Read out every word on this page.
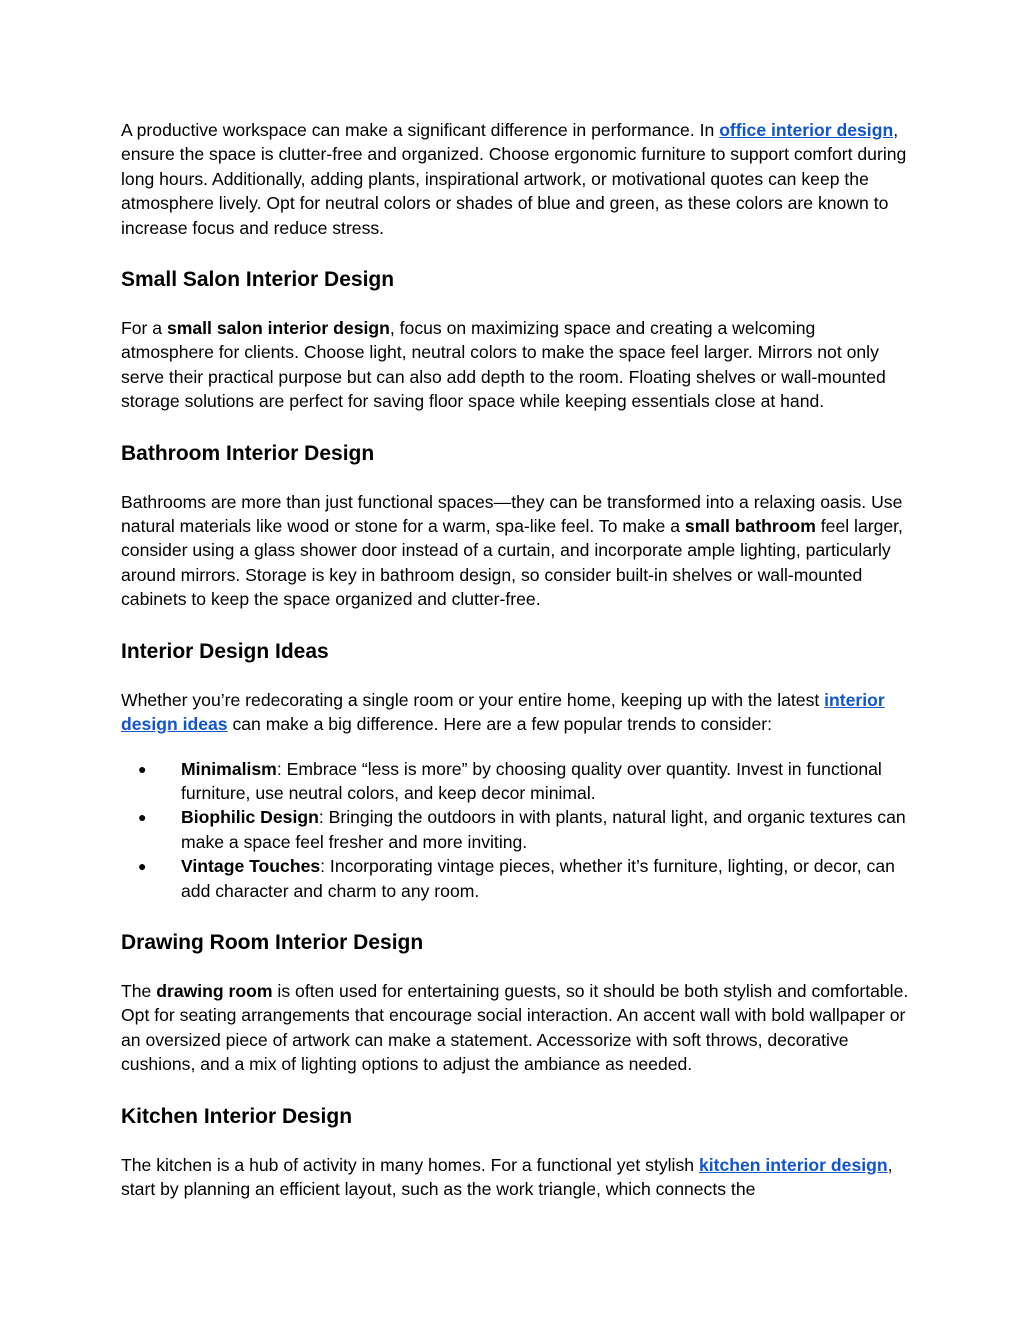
A productive workspace can make a significant difference in performance. In office interior design, ensure the space is clutter-free and organized. Choose ergonomic furniture to support comfort during long hours. Additionally, adding plants, inspirational artwork, or motivational quotes can keep the atmosphere lively. Opt for neutral colors or shades of blue and green, as these colors are known to increase focus and reduce stress.

Small Salon Interior Design

For a small salon interior design, focus on maximizing space and creating a welcoming atmosphere for clients. Choose light, neutral colors to make the space feel larger. Mirrors not only serve their practical purpose but can also add depth to the room. Floating shelves or wall-mounted storage solutions are perfect for saving floor space while keeping essentials close at hand.

Bathroom Interior Design

Bathrooms are more than just functional spaces—they can be transformed into a relaxing oasis. Use natural materials like wood or stone for a warm, spa-like feel. To make a small bathroom feel larger, consider using a glass shower door instead of a curtain, and incorporate ample lighting, particularly around mirrors. Storage is key in bathroom design, so consider built-in shelves or wall-mounted cabinets to keep the space organized and clutter-free.

Interior Design Ideas

Whether you’re redecorating a single room or your entire home, keeping up with the latest interior design ideas can make a big difference. Here are a few popular trends to consider:

● Minimalism: Embrace “less is more” by choosing quality over quantity. Invest in functional furniture, use neutral colors, and keep decor minimal.
● Biophilic Design: Bringing the outdoors in with plants, natural light, and organic textures can make a space feel fresher and more inviting.
● Vintage Touches: Incorporating vintage pieces, whether it’s furniture, lighting, or decor, can add character and charm to any room.
Drawing Room Interior Design

The drawing room is often used for entertaining guests, so it should be both stylish and comfortable. Opt for seating arrangements that encourage social interaction. An accent wall with bold wallpaper or an oversized piece of artwork can make a statement. Accessorize with soft throws, decorative cushions, and a mix of lighting options to adjust the ambiance as needed.

Kitchen Interior Design

The kitchen is a hub of activity in many homes. For a functional yet stylish kitchen interior design, start by planning an efficient layout, such as the work triangle, which connects the
